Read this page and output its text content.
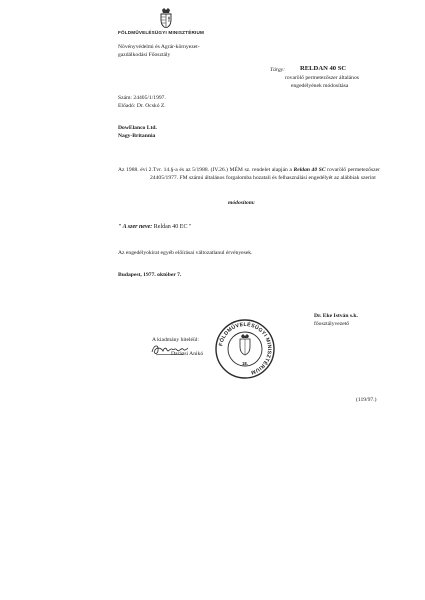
FÖLDMŰVELÉSÜGYI MINISZTÉRIUM
Növényvédelmi és Agrár-környezet-
gazdálkodási Főosztály
Tárgy: RELDAN 40 SC
rovarölő permetezőszer általános
engedélyének módosítása
Szám: 24405/1/1997.
Előadó: Dr. Ocskó Z.
DowElanco Ltd.
Nagy-Britannia
Az 1988. évi 2.Tvr. 14.§-a és az 5/1988. (IV.26.) MÉM sz. rendelet alapján a Reldan 40 SC rovarölő permetezőszer 24405/1977. FM számú általános forgalomba hozatali és felhasználási engedélyét az alábbiak szerint
módosítom:
" A szer neve: Reldan 40 EC "
Az engedélyokirat egyéb előírásai változatlanul érvényesek.
Budapest, 1977. október 7.
Dr. Eke István s.k.
főosztályvezető
A kiadmány hiteléül:
Darázsi Anikó
FÖLDMŰVELÉSÜGYI MINISZTÉRIUM
18.
(119/97.)
